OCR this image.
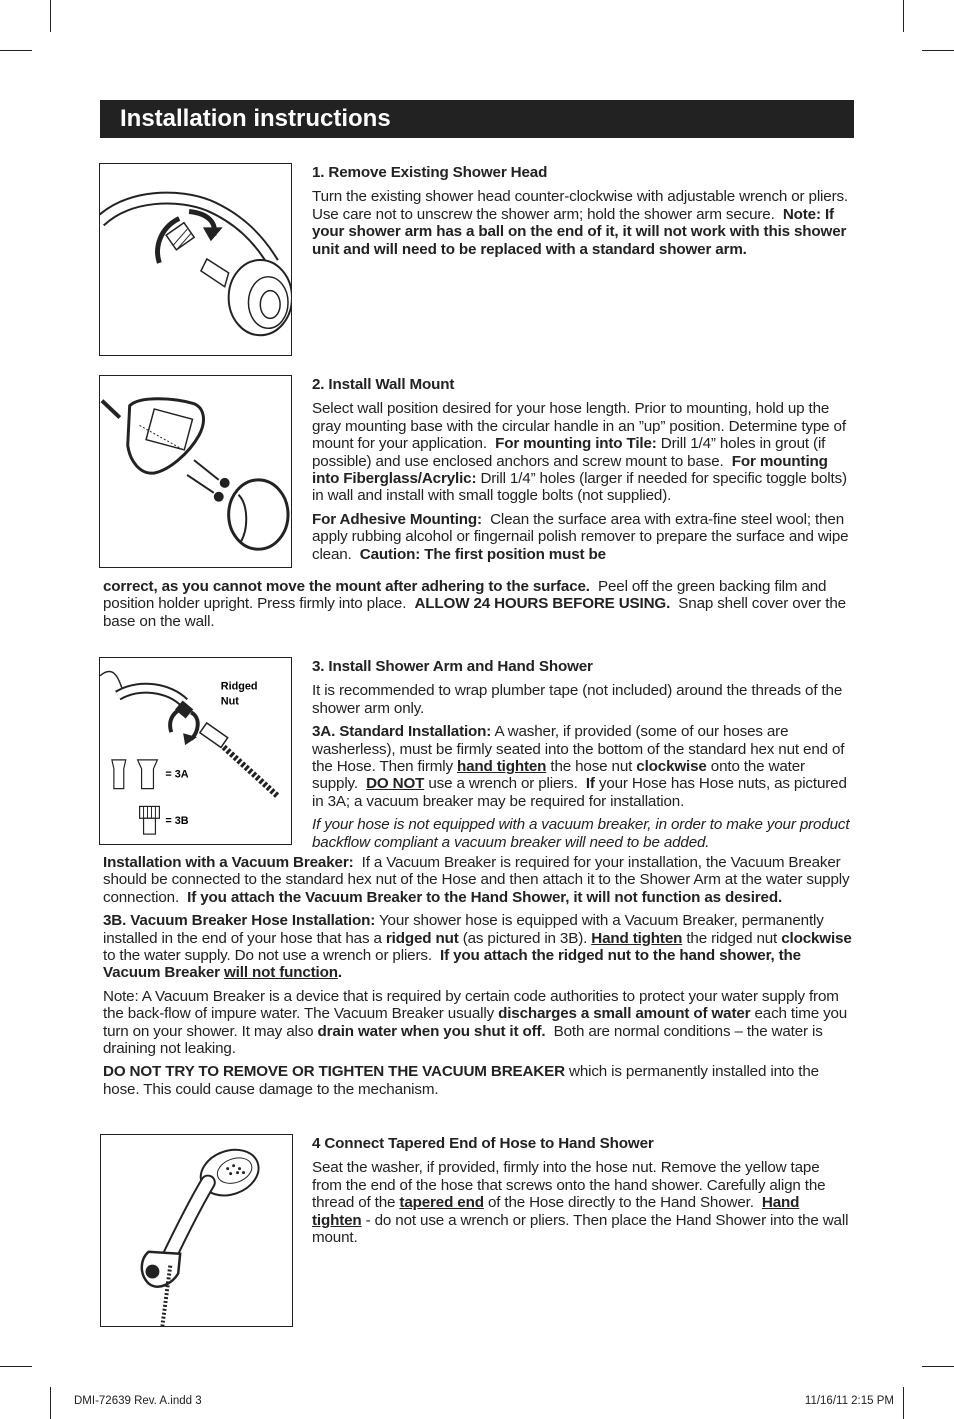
Installation instructions
1. Remove Existing Shower Head

Turn the existing shower head counter-clockwise with adjustable wrench or pliers. Use care not to unscrew the shower arm; hold the shower arm secure. Note: If your shower arm has a ball on the end of it, it will not work with this shower unit and will need to be replaced with a standard shower arm.

2. Install Wall Mount

Select wall position desired for your hose length. Prior to mounting, hold up the gray mounting base with the circular handle in an ”up” position. Determine type of mount for your application. For mounting into Tile: Drill 1/4” holes in grout (if possible) and use enclosed anchors and screw mount to base. For mounting into Fiberglass/Acrylic: Drill 1/4” holes (larger if needed for specific toggle bolts) in wall and install with small toggle bolts (not supplied).

For Adhesive Mounting: Clean the surface area with extra-fine steel wool; then apply rubbing alcohol or fingernail polish remover to prepare the surface and wipe clean. Caution: The first position must be

correct, as you cannot move the mount after adhering to the surface. Peel off the green backing film and position holder upright. Press firmly into place. ALLOW 24 HOURS BEFORE USING. Snap shell cover over the base on the wall.

Ridged
Nut
= 3A
= 3B
3. Install Shower Arm and Hand Shower

It is recommended to wrap plumber tape (not included) around the threads of the shower arm only.

3A. Standard Installation: A washer, if provided (some of our hoses are washerless), must be firmly seated into the bottom of the standard hex nut end of the Hose. Then firmly hand tighten the hose nut clockwise onto the water supply. DO NOT use a wrench or pliers. If your Hose has Hose nuts, as pictured in 3A; a vacuum breaker may be required for installation.

If your hose is not equipped with a vacuum breaker, in order to make your product backflow compliant a vacuum breaker will need to be added.

Installation with a Vacuum Breaker: If a Vacuum Breaker is required for your installation, the Vacuum Breaker should be connected to the standard hex nut of the Hose and then attach it to the Shower Arm at the water supply connection. If you attach the Vacuum Breaker to the Hand Shower, it will not function as desired.

3B. Vacuum Breaker Hose Installation: Your shower hose is equipped with a Vacuum Breaker, permanently installed in the end of your hose that has a ridged nut (as pictured in 3B). Hand tighten the ridged nut clockwise to the water supply. Do not use a wrench or pliers. If you attach the ridged nut to the hand shower, the Vacuum Breaker will not function.

Note: A Vacuum Breaker is a device that is required by certain code authorities to protect your water supply from the back-flow of impure water. The Vacuum Breaker usually discharges a small amount of water each time you turn on your shower. It may also drain water when you shut it off. Both are normal conditions – the water is draining not leaking.

DO NOT TRY TO REMOVE OR TIGHTEN THE VACUUM BREAKER which is permanently installed into the hose. This could cause damage to the mechanism.

4 Connect Tapered End of Hose to Hand Shower

Seat the washer, if provided, firmly into the hose nut. Remove the yellow tape from the end of the hose that screws onto the hand shower. Carefully align the thread of the tapered end of the Hose directly to the Hand Shower. Hand tighten - do not use a wrench or pliers. Then place the Hand Shower into the wall mount.

DMI-72639 Rev. A.indd 3	11/16/11 2:15 PM
